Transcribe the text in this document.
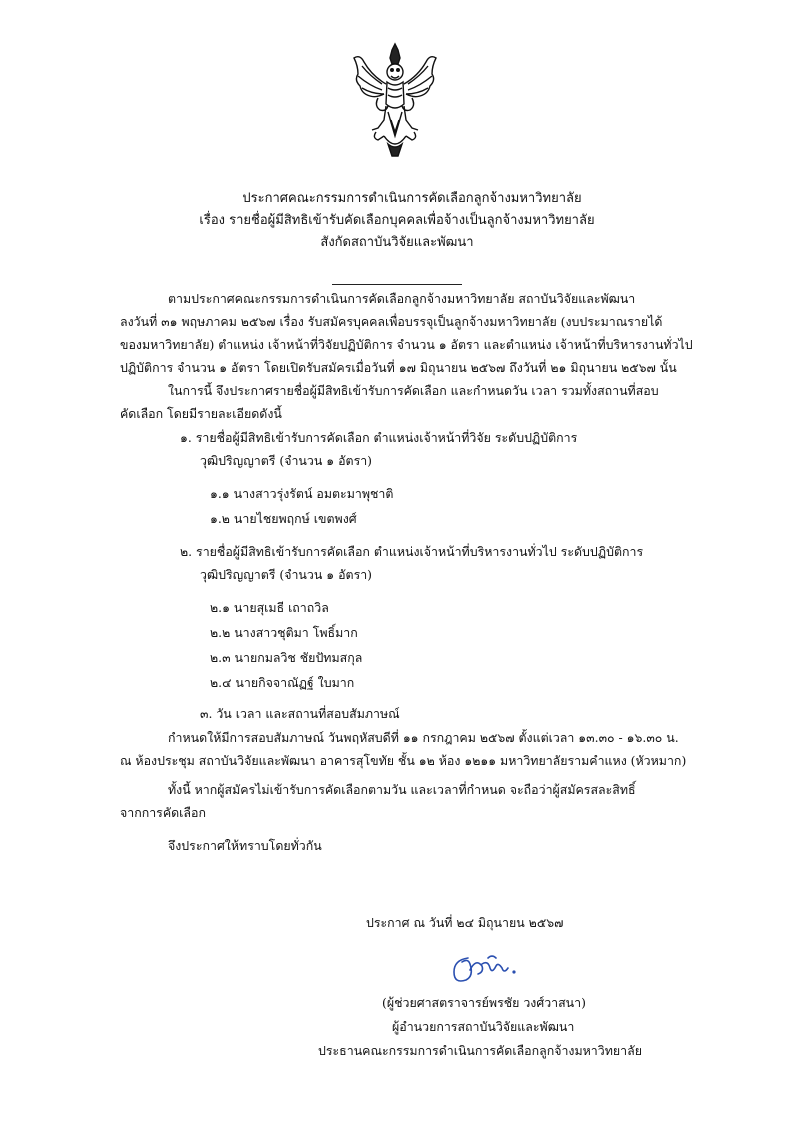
ประกาศคณะกรรมการดำเนินการคัดเลือกลูกจ้างมหาวิทยาลัย
เรื่อง รายชื่อผู้มีสิทธิเข้ารับคัดเลือกบุคคลเพื่อจ้างเป็นลูกจ้างมหาวิทยาลัย
สังกัดสถาบันวิจัยและพัฒนา

ตามประกาศคณะกรรมการดำเนินการคัดเลือกลูกจ้างมหาวิทยาลัย สถาบันวิจัยและพัฒนา

ลงวันที่ ๓๑ พฤษภาคม ๒๕๖๗ เรื่อง รับสมัครบุคคลเพื่อบรรจุเป็นลูกจ้างมหาวิทยาลัย (งบประมาณรายได้

ของมหาวิทยาลัย) ตำแหน่ง เจ้าหน้าที่วิจัยปฏิบัติการ จำนวน ๑ อัตรา และตำแหน่ง เจ้าหน้าที่บริหารงานทั่วไป

ปฏิบัติการ จำนวน ๑ อัตรา โดยเปิดรับสมัครเมื่อวันที่ ๑๗ มิถุนายน ๒๕๖๗ ถึงวันที่ ๒๑ มิถุนายน ๒๕๖๗ นั้น

ในการนี้ จึงประกาศรายชื่อผู้มีสิทธิเข้ารับการคัดเลือก และกำหนดวัน เวลา รวมทั้งสถานที่สอบ

คัดเลือก โดยมีรายละเอียดดังนี้

๑. รายชื่อผู้มีสิทธิเข้ารับการคัดเลือก ตำแหน่งเจ้าหน้าที่วิจัย ระดับปฏิบัติการ

วุฒิปริญญาตรี (จำนวน ๑ อัตรา)

๑.๑ นางสาวรุ่งรัตน์ อมตะมาพุชาติ

๑.๒ นายไชยพฤกษ์ เขตพงศ์

๒. รายชื่อผู้มีสิทธิเข้ารับการคัดเลือก ตำแหน่งเจ้าหน้าที่บริหารงานทั่วไป ระดับปฏิบัติการ

วุฒิปริญญาตรี (จำนวน ๑ อัตรา)

๒.๑ นายสุเมธี เถาถวิล

๒.๒ นางสาวชุติมา โพธิ์มาก

๒.๓ นายกมลวิช ชัยปัทมสกุล

๒.๔ นายกิจจาณัฏฐ์ ใบมาก

๓. วัน เวลา และสถานที่สอบสัมภาษณ์

กำหนดให้มีการสอบสัมภาษณ์ วันพฤหัสบดีที่ ๑๑ กรกฎาคม ๒๕๖๗ ตั้งแต่เวลา ๑๓.๓๐ - ๑๖.๓๐ น.

ณ ห้องประชุม สถาบันวิจัยและพัฒนา อาคารสุโขทัย ชั้น ๑๒ ห้อง ๑๒๑๑ มหาวิทยาลัยรามคำแหง (หัวหมาก)

ทั้งนี้ หากผู้สมัครไม่เข้ารับการคัดเลือกตามวัน และเวลาที่กำหนด จะถือว่าผู้สมัครสละสิทธิ์

จากการคัดเลือก

จึงประกาศให้ทราบโดยทั่วกัน

ประกาศ ณ วันที่ ๒๔ มิถุนายน ๒๕๖๗
(ผู้ช่วยศาสตราจารย์พรชัย วงศ์วาสนา)
ผู้อำนวยการสถาบันวิจัยและพัฒนา
ประธานคณะกรรมการดำเนินการคัดเลือกลูกจ้างมหาวิทยาลัย
